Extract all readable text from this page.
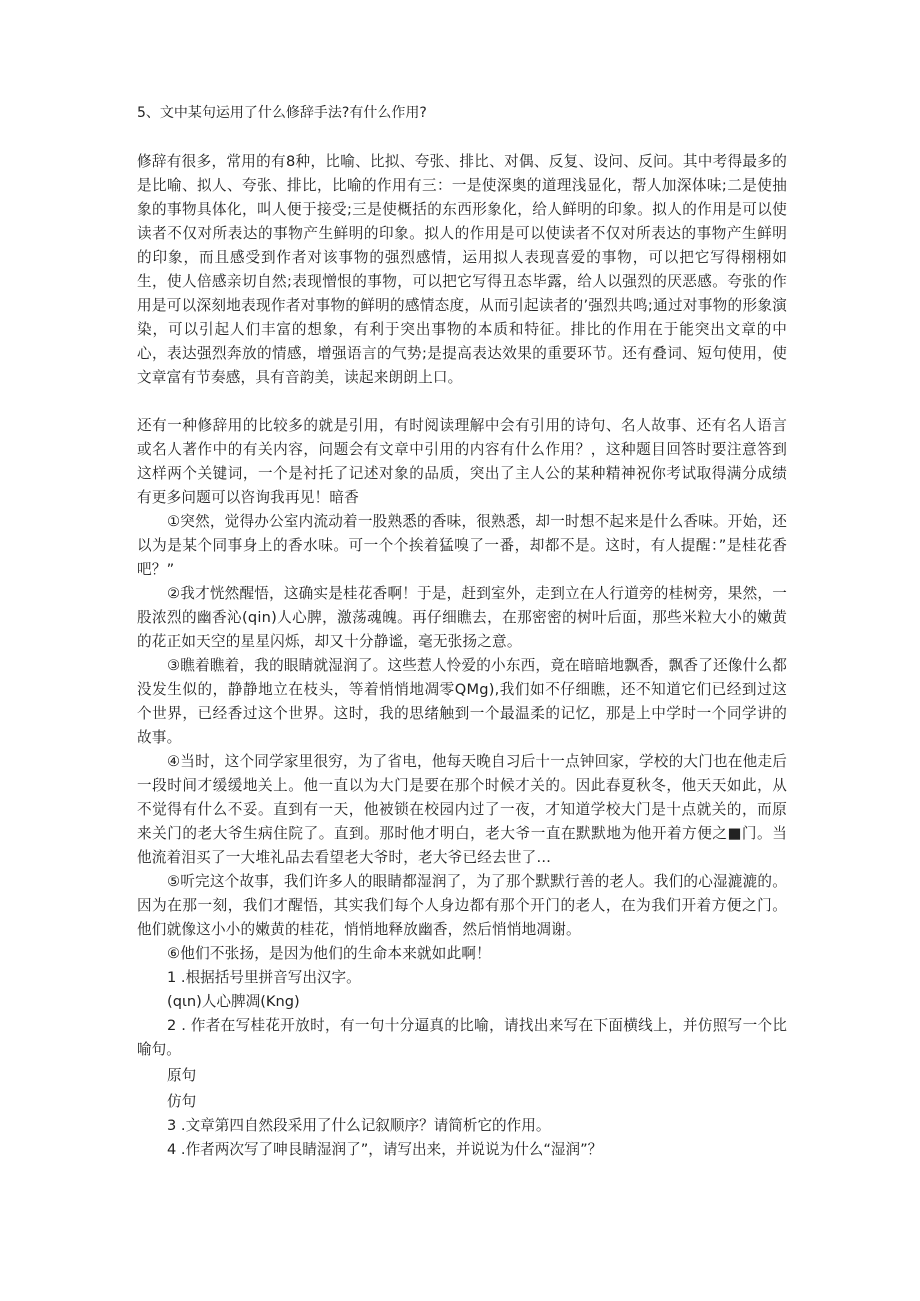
5、文中某句运用了什么修辞手法?有什么作用?

修辞有很多，常用的有8种，比喻、比拟、夸张、排比、对偶、反复、设问、反问。其中考得最多的是比喻、拟人、夸张、排比，比喻的作用有三：一是使深奥的道理浅显化，帮人加深体味;二是使抽象的事物具体化，叫人便于接受;三是使概括的东西形象化，给人鲜明的印象。拟人的作用是可以使读者不仅对所表达的事物产生鲜明的印象。拟人的作用是可以使读者不仅对所表达的事物产生鲜明的印象，而且感受到作者对该事物的强烈感情，运用拟人表现喜爱的事物，可以把它写得栩栩如生，使人倍感亲切自然;表现憎恨的事物，可以把它写得丑态毕露，给人以强烈的厌恶感。夸张的作用是可以深刻地表现作者对事物的鲜明的感情态度，从而引起读者的’强烈共鸣;通过对事物的形象演染，可以引起人们丰富的想象，有利于突出事物的本质和特征。排比的作用在于能突出文章的中心，表达强烈奔放的情感，增强语言的气势;是提高表达效果的重要环节。还有叠词、短句使用，使文章富有节奏感，具有音韵美，读起来朗朗上口。

还有一种修辞用的比较多的就是引用，有时阅读理解中会有引用的诗句、名人故事、还有名人语言或名人著作中的有关内容，问题会有文章中引用的内容有什么作用？，这种题目回答时要注意答到这样两个关键词，一个是衬托了记述对象的品质，突出了主人公的某种精神祝你考试取得满分成绩有更多问题可以咨询我再见！暗香

①突然，觉得办公室内流动着一股熟悉的香味，很熟悉，却一时想不起来是什么香味。开始，还以为是某个同事身上的香水味。可一个个挨着猛嗅了一番，却都不是。这时，有人提醒：”是桂花香吧？”

②我才恍然醒悟，这确实是桂花香啊！于是，赶到室外，走到立在人行道旁的桂树旁，果然，一股浓烈的幽香沁(qin)人心脾，激荡魂魄。再仔细瞧去，在那密密的树叶后面，那些米粒大小的嫩黄的花正如天空的星星闪烁，却又十分静谧，毫无张扬之意。

③瞧着瞧着，我的眼睛就湿润了。这些惹人怜爱的小东西，竟在暗暗地飘香，飘香了还像什么都没发生似的，静静地立在枝头，等着悄悄地凋零QMg),我们如不仔细瞧，还不知道它们已经到过这个世界，已经香过这个世界。这时，我的思绪触到一个最温柔的记忆，那是上中学时一个同学讲的故事。

④当时，这个同学家里很穷，为了省电，他每天晚自习后十一点钟回家，学校的大门也在他走后一段时间才缓缓地关上。他一直以为大门是要在那个时候才关的。因此春夏秋冬，他天天如此，从不觉得有什么不妥。直到有一天，他被锁在校园内过了一夜，才知道学校大门是十点就关的，而原来关门的老大爷生病住院了。直到。那时他才明白，老大爷一直在默默地为他开着方便之■门。当他流着泪买了一大堆礼品去看望老大爷时，老大爷已经去世了…

⑤听完这个故事，我们许多人的眼睛都湿润了，为了那个默默行善的老人。我们的心湿漉漉的。因为在那一刻，我们才醒悟，其实我们每个人身边都有那个开门的老人，在为我们开着方便之门。他们就像这小小的嫩黄的桂花，悄悄地释放幽香，然后悄悄地凋谢。

⑥他们不张扬，是因为他们的生命本来就如此啊！

1 .根据括号里拼音写出汉字。

(qιn)人心脾凋(Kng)

2 . 作者在写桂花开放时，有一句十分逼真的比喻，请找出来写在下面横线上，并仿照写一个比喻句。

原句

仿句

3 .文章第四自然段采用了什么记叙顺序？请简析它的作用。

4 .作者两次写了呻艮睛湿润了”，请写出来，并说说为什么“湿润”？
